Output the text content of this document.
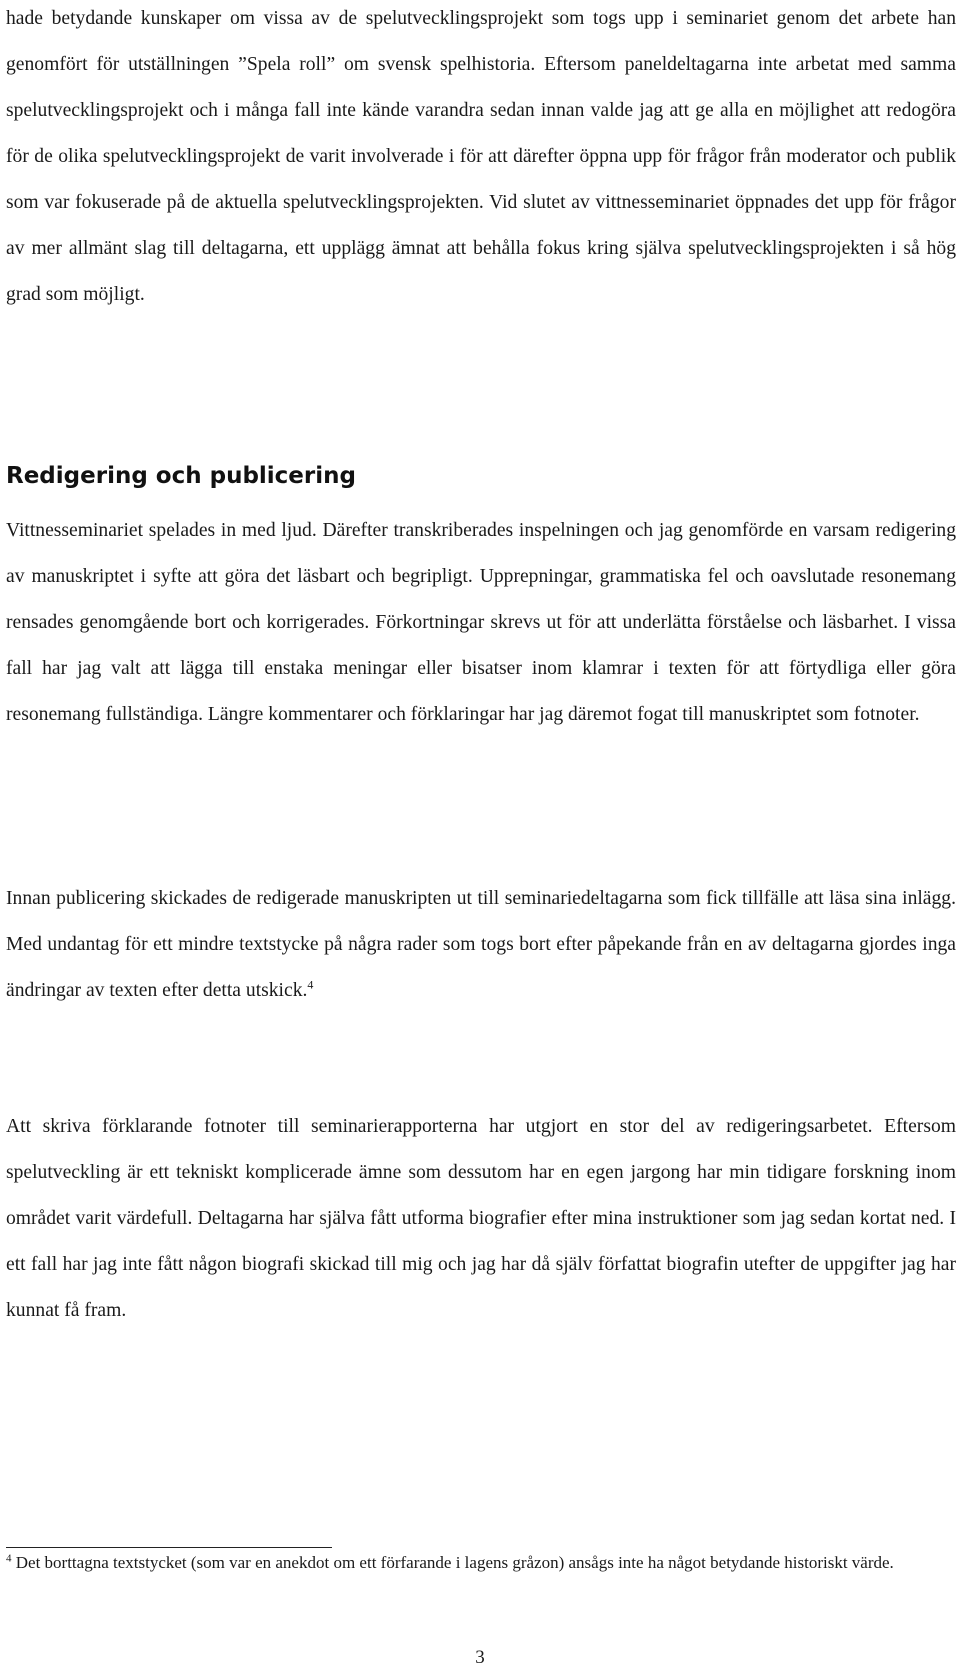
hade betydande kunskaper om vissa av de spelutvecklingsprojekt som togs upp i seminariet genom det arbete han genomfört för utställningen ”Spela roll” om svensk spelhistoria. Eftersom paneldeltagarna inte arbetat med samma spelutvecklingsprojekt och i många fall inte kände varandra sedan innan valde jag att ge alla en möjlighet att redogöra för de olika spelutvecklingsprojekt de varit involverade i för att därefter öppna upp för frågor från moderator och publik som var fokuserade på de aktuella spelutvecklingsprojekten. Vid slutet av vittnesseminariet öppnades det upp för frågor av mer allmänt slag till deltagarna, ett upplägg ämnat att behålla fokus kring själva spelutvecklingsprojekten i så hög grad som möjligt.

Redigering och publicering

Vittnesseminariet spelades in med ljud. Därefter transkriberades inspelningen och jag genomförde en varsam redigering av manuskriptet i syfte att göra det läsbart och begripligt. Upprepningar, grammatiska fel och oavslutade resonemang rensades genomgående bort och korrigerades. Förkortningar skrevs ut för att underlätta förståelse och läsbarhet. I vissa fall har jag valt att lägga till enstaka meningar eller bisatser inom klamrar i texten för att förtydliga eller göra resonemang fullständiga. Längre kommentarer och förklaringar har jag däremot fogat till manuskriptet som fotnoter.

Innan publicering skickades de redigerade manuskripten ut till seminariedeltagarna som fick tillfälle att läsa sina inlägg. Med undantag för ett mindre textstycke på några rader som togs bort efter påpekande från en av deltagarna gjordes inga ändringar av texten efter detta utskick.$^4$

Att skriva förklarande fotnoter till seminarierapporterna har utgjort en stor del av redigeringsarbetet. Eftersom spelutveckling är ett tekniskt komplicerade ämne som dessutom har en egen jargong har min tidigare forskning inom området varit värdefull. Deltagarna har själva fått utforma biografier efter mina instruktioner som jag sedan kortat ned. I ett fall har jag inte fått någon biografi skickad till mig och jag har då själv författat biografin utefter de uppgifter jag har kunnat få fram.

$^4$ Det borttagna textstycket (som var en anekdot om ett förfarande i lagens gråzon) ansågs inte ha något betydande historiskt värde.

3
